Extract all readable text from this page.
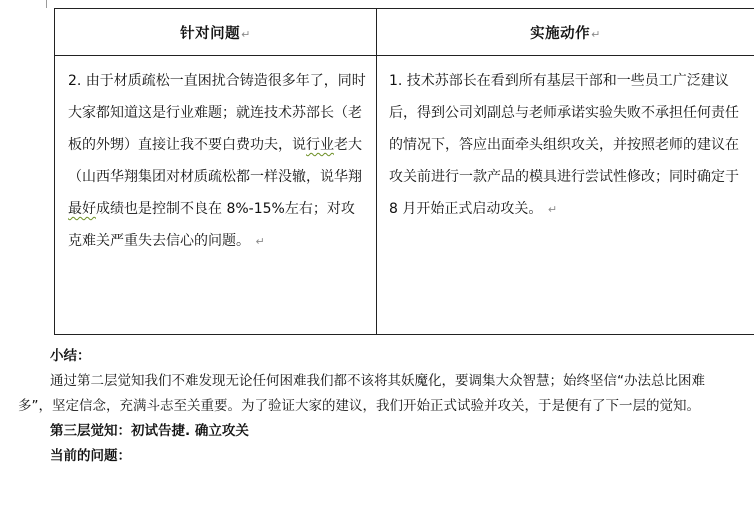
针对问题↵	实施动作↵

2. 由于材质疏松一直困扰合铸造很多年了，同时大家都知道这是行业难题；就连技术苏部长（老板的外甥）直接让我不要白费功夫，说行业老大（山西华翔集团对材质疏松都一样没辙，说华翔最好成绩也是控制不良在 8%-15%左右；对攻克难关严重失去信心的问题。 ↵	1. 技术苏部长在看到所有基层干部和一些员工广泛建议后，得到公司刘副总与老师承诺实验失败不承担任何责任的情况下，答应出面牵头组织攻关，并按照老师的建议在攻关前进行一款产品的模具进行尝试性修改；同时确定于 8 月开始正式启动攻关。 ↵

小结：

通过第二层觉知我们不难发现无论任何困难我们都不该将其妖魔化，要调集大众智慧；始终坚信“办法总比困难多”，坚定信念，充满斗志至关重要。为了验证大家的建议，我们开始正式试验并攻关，于是便有了下一层的觉知。

第三层觉知：初试告捷. 确立攻关

当前的问题：
